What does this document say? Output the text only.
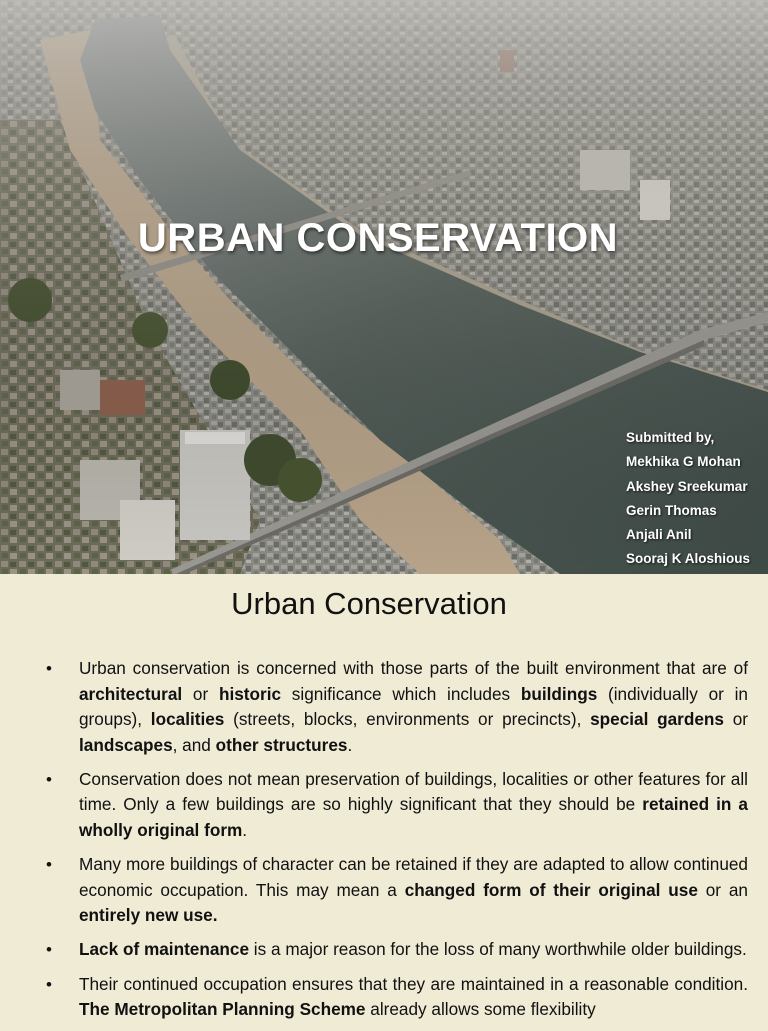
URBAN CONSERVATION
Submitted by,
Mekhika G Mohan
Akshey Sreekumar
Gerin Thomas
Anjali Anil
Sooraj K Aloshious
Urban Conservation
• Urban conservation is concerned with those parts of the built environment that are of architectural or historic significance which includes buildings (individually or in groups), localities (streets, blocks, environments or precincts), special gardens or landscapes, and other structures.
• Conservation does not mean preservation of buildings, localities or other features for all time. Only a few buildings are so highly significant that they should be retained in a wholly original form.
• Many more buildings of character can be retained if they are adapted to allow continued economic occupation. This may mean a changed form of their original use or an entirely new use.
• Lack of maintenance is a major reason for the loss of many worthwhile older buildings.
• Their continued occupation ensures that they are maintained in a reasonable condition. The Metropolitan Planning Scheme already allows some flexibility
